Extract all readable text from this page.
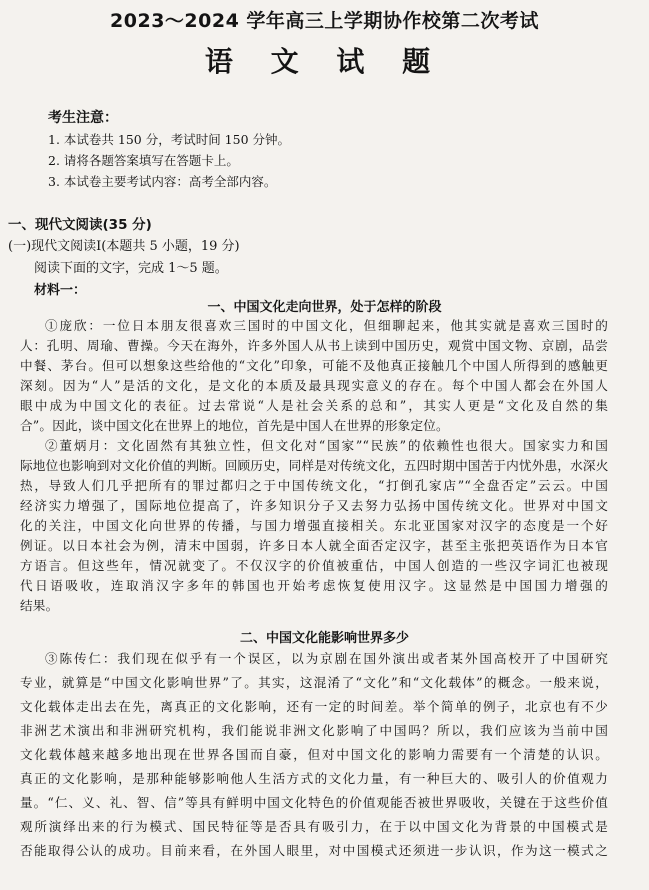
2023～2024 学年高三上学期协作校第二次考试
语 文 试 题
考生注意：
1. 本试卷共 150 分，考试时间 150 分钟。
2. 请将各题答案填写在答题卡上。
3. 本试卷主要考试内容：高考全部内容。
一、现代文阅读(35 分)
(一)现代文阅读Ⅰ(本题共 5 小题，19 分)
阅读下面的文字，完成 1～5 题。
材料一：
一、中国文化走向世界，处于怎样的阶段
①庞欣：一位日本朋友很喜欢三国时的中国文化，但细聊起来，他其实就是喜欢三国时的
人：孔明、周瑜、曹操。今天在海外，许多外国人从书上读到中国历史，观赏中国文物、京剧，品尝
中餐、茅台。但可以想象这些给他的“文化”印象，可能不及他真正接触几个中国人所得到的感触更
深刻。因为“人”是活的文化，是文化的本质及最具现实意义的存在。每个中国人都会在外国人
眼中成为中国文化的表征。过去常说“人是社会关系的总和”，其实人更是“文化及自然的集
合”。因此，谈中国文化在世界上的地位，首先是中国人在世界的形象定位。
②董炳月：文化固然有其独立性，但文化对“国家”“民族”的依赖性也很大。国家实力和国
际地位也影响到对文化价值的判断。回顾历史，同样是对传统文化，五四时期中国苦于内忧外患，水深火
热，导致人们几乎把所有的罪过都归之于中国传统文化，“打倒孔家店”“全盘否定”云云。中国
经济实力增强了，国际地位提高了，许多知识分子又去努力弘扬中国传统文化。世界对中国文
化的关注，中国文化向世界的传播，与国力增强直接相关。东北亚国家对汉字的态度是一个好
例证。以日本社会为例，清末中国弱，许多日本人就全面否定汉字，甚至主张把英语作为日本官
方语言。但这些年，情况就变了。不仅汉字的价值被重估，中国人创造的一些汉字词汇也被现
代日语吸收，连取消汉字多年的韩国也开始考虑恢复使用汉字。这显然是中国国力增强的
结果。
二、中国文化能影响世界多少
③陈传仁：我们现在似乎有一个误区，以为京剧在国外演出或者某外国高校开了中国研究
专业，就算是“中国文化影响世界”了。其实，这混淆了“文化”和“文化载体”的概念。一般来说，
文化载体走出去在先，离真正的文化影响，还有一定的时间差。举个简单的例子，北京也有不少
非洲艺术演出和非洲研究机构，我们能说非洲文化影响了中国吗？所以，我们应该为当前中国
文化载体越来越多地出现在世界各国而自豪，但对中国文化的影响力需要有一个清楚的认识。
真正的文化影响，是那种能够影响他人生活方式的文化力量，有一种巨大的、吸引人的价值观力
量。“仁、义、礼、智、信”等具有鲜明中国文化特色的价值观能否被世界吸收，关键在于这些价值
观所演绎出来的行为模式、国民特征等是否具有吸引力，在于以中国文化为背景的中国模式是
否能取得公认的成功。目前来看，在外国人眼里，对中国模式还须进一步认识，作为这一模式之
